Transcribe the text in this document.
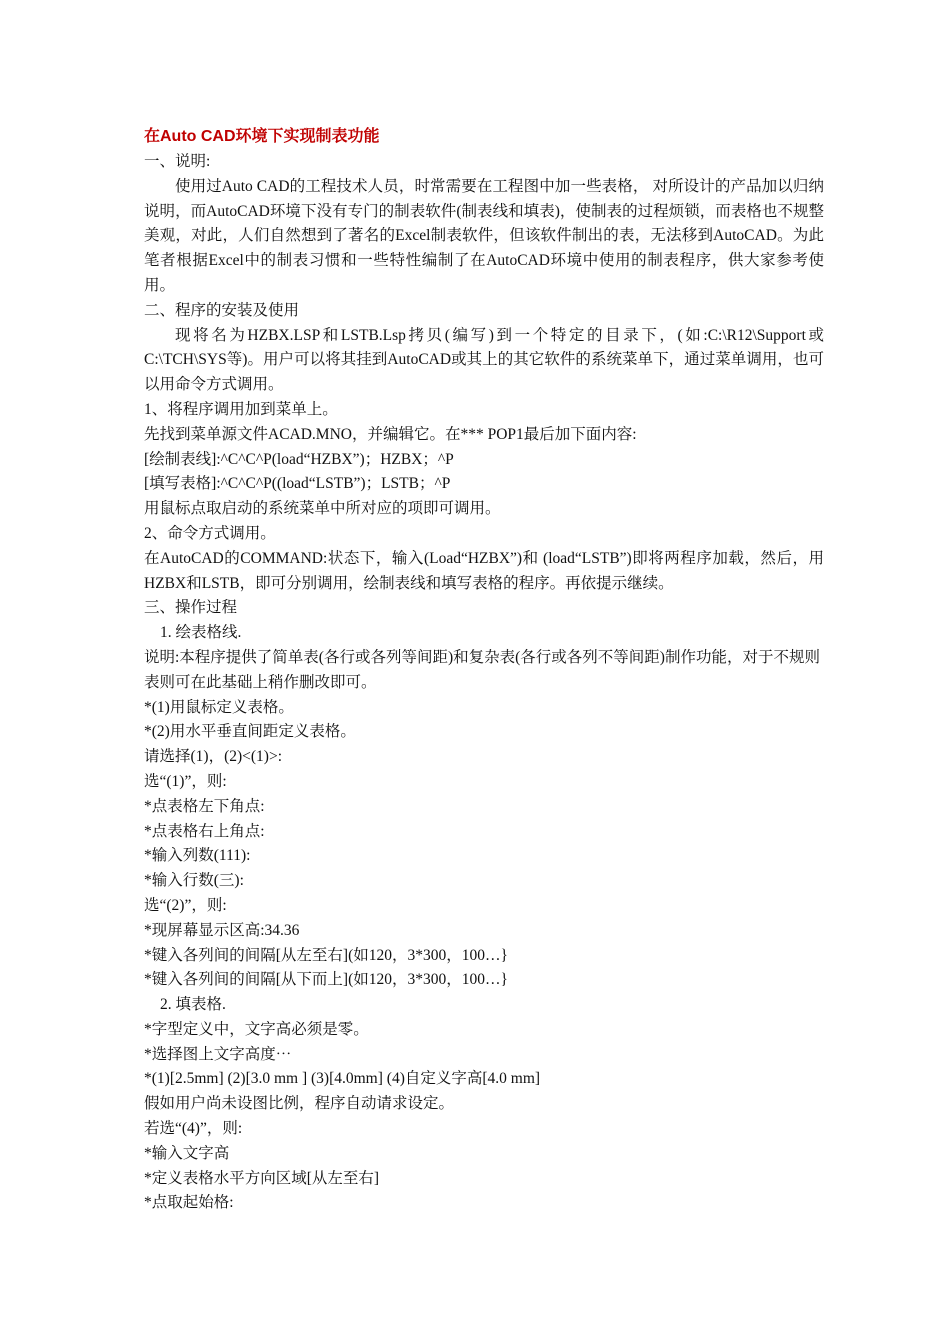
在Auto CAD环境下实现制表功能

一、说明:

使用过Auto CAD的工程技术人员，时常需要在工程图中加一些表格， 对所设计的产品加以归纳说明，而AutoCAD环境下没有专门的制表软件(制表线和填表)，使制表的过程烦锁，而表格也不规整美观，对此，人们自然想到了著名的Excel制表软件，但该软件制出的表，无法移到AutoCAD。为此笔者根据Excel中的制表习惯和一些特性编制了在AutoCAD环境中使用的制表程序，供大家参考使用。

二、程序的安装及使用

现将名为HZBX.LSP和LSTB.Lsp拷贝(编写)到一个特定的目录下，(如:C:\R12\Support或C:\TCH\SYS等)。用户可以将其挂到AutoCAD或其上的其它软件的系统菜单下，通过菜单调用，也可以用命令方式调用。

1、将程序调用加到菜单上。

先找到菜单源文件ACAD.MNO，并编辑它。在*** POP1最后加下面内容:

[绘制表线]:^C^C^P(load“HZBX”)；HZBX；^P

[填写表格]:^C^C^P((load“LSTB”)；LSTB；^P

用鼠标点取启动的系统菜单中所对应的项即可调用。

2、命令方式调用。

在AutoCAD的COMMAND:状态下，输入(Load“HZBX”)和 (load“LSTB”)即将两程序加载，然后，用HZBX和LSTB，即可分别调用，绘制表线和填写表格的程序。再依提示继续。

三、操作过程

1. 绘表格线.

说明:本程序提供了简单表(各行或各列等间距)和复杂表(各行或各列不等间距)制作功能，对于不规则表则可在此基础上稍作删改即可。

*(1)用鼠标定义表格。

*(2)用水平垂直间距定义表格。

请选择(1)，(2)<(1)>:

选“(1)”，则:

*点表格左下角点:

*点表格右上角点:

*输入列数(111):

*输入行数(三):

选“(2)”，则:

*现屏幕显示区高:34.36

*键入各列间的间隔[从左至右](如120，3*300，100…}

*键入各列间的间隔[从下而上](如120，3*300，100…}

2. 填表格.

*字型定义中，文字高必须是零。

*选择图上文字高度⋯

*(1)[2.5mm] (2)[3.0 mm ] (3)[4.0mm] (4)自定义字高[4.0 mm]

假如用户尚未设图比例，程序自动请求设定。

若选“(4)”，则:

*输入文字高

*定义表格水平方向区域[从左至右]

*点取起始格:
